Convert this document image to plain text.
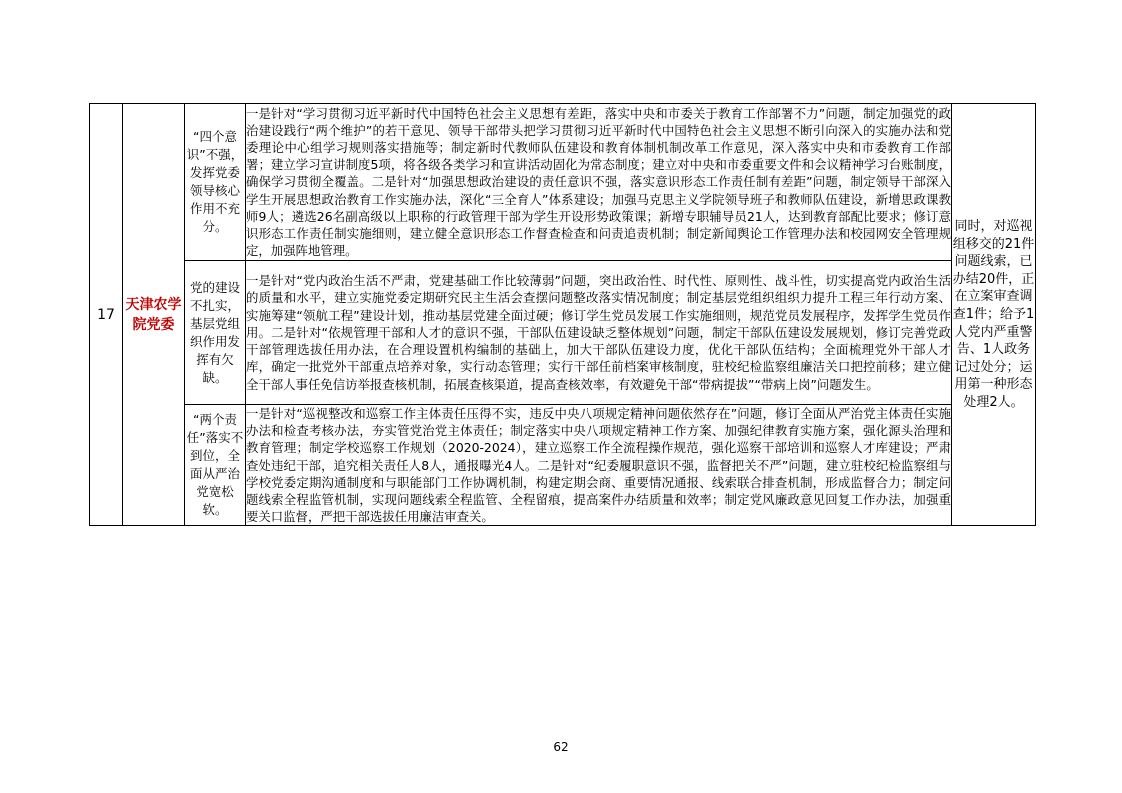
17	天津农学院党委	“四个意识”不强，发挥党委领导核心作用不充分。	一是针对“学习贯彻习近平新时代中国特色社会主义思想有差距，落实中央和市委关于教育工作部署不力”问题，制定加强党的政治建设践行“两个维护”的若干意见、领导干部带头把学习贯彻习近平新时代中国特色社会主义思想不断引向深入的实施办法和党委理论中心组学习规则落实措施等；制定新时代教师队伍建设和教育体制机制改革工作意见，深入落实中央和市委教育工作部署；建立学习宣讲制度5项，将各级各类学习和宣讲活动固化为常态制度；建立对中央和市委重要文件和会议精神学习台账制度，确保学习贯彻全覆盖。二是针对“加强思想政治建设的责任意识不强，落实意识形态工作责任制有差距”问题，制定领导干部深入学生开展思想政治教育工作实施办法，深化“三全育人”体系建设；加强马克思主义学院领导班子和教师队伍建设，新增思政课教师9人；遴选26名副高级以上职称的行政管理干部为学生开设形势政策课；新增专职辅导员21人，达到教育部配比要求；修订意识形态工作责任制实施细则，建立健全意识形态工作督查检查和问责追责机制；制定新闻舆论工作管理办法和校园网安全管理规定，加强阵地管理。	同时，对巡视组移交的21件问题线索，已办结20件，正在立案审查调查1件；给予1人党内严重警告、1人政务记过处分；运用第一种形态处理2人。
		党的建设不扎实，基层党组织作用发挥有欠缺。	一是针对“党内政治生活不严肃，党建基础工作比较薄弱”问题，突出政治性、时代性、原则性、战斗性，切实提高党内政治生活的质量和水平，建立实施党委定期研究民主生活会查摆问题整改落实情况制度；制定基层党组织组织力提升工程三年行动方案、实施筹建“领航工程”建设计划，推动基层党建全面过硬；修订学生党员发展工作实施细则，规范党员发展程序，发挥学生党员作用。二是针对“依规管理干部和人才的意识不强，干部队伍建设缺乏整体规划”问题，制定干部队伍建设发展规划，修订完善党政干部管理选拔任用办法，在合理设置机构编制的基础上，加大干部队伍建设力度，优化干部队伍结构；全面梳理党外干部人才库，确定一批党外干部重点培养对象，实行动态管理；实行干部任前档案审核制度，驻校纪检监察组廉洁关口把控前移；建立健全干部人事任免信访举报查核机制，拓展查核渠道，提高查核效率，有效避免干部“带病提拔”“带病上岗”问题发生。	
		“两个责任”落实不到位，全面从严治党宽松软。	一是针对“巡视整改和巡察工作主体责任压得不实，违反中央八项规定精神问题依然存在”问题，修订全面从严治党主体责任实施办法和检查考核办法，夯实管党治党主体责任；制定落实中央八项规定精神工作方案、加强纪律教育实施方案，强化源头治理和教育管理；制定学校巡察工作规划（2020-2024），建立巡察工作全流程操作规范，强化巡察干部培训和巡察人才库建设；严肃查处违纪干部，追究相关责任人8人，通报曝光4人。二是针对“纪委履职意识不强，监督把关不严”问题，建立驻校纪检监察组与学校党委定期沟通制度和与职能部门工作协调机制，构建定期会商、重要情况通报、线索联合排查机制，形成监督合力；制定问题线索全程监管机制，实现问题线索全程监管、全程留痕，提高案件办结质量和效率；制定党风廉政意见回复工作办法，加强重要关口监督，严把干部选拔任用廉洁审查关。	
62
